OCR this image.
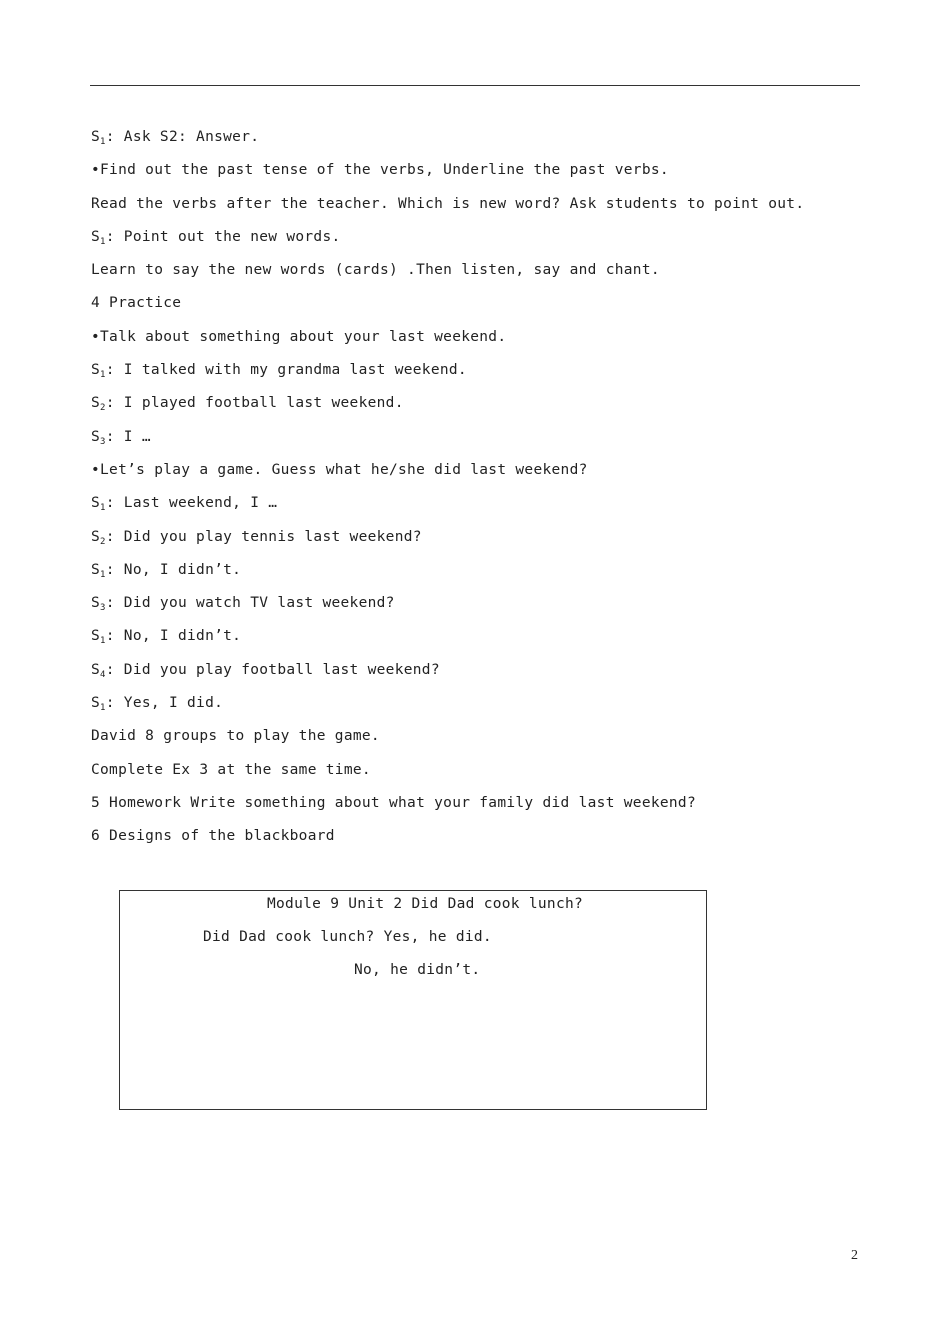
$S_1$: Ask S2: Answer.
•Find out the past tense of the verbs, Underline the past verbs.
Read the verbs after the teacher. Which is new word? Ask students to point out.
$S_1$: Point out the new words.
Learn to say the new words (cards) .Then listen, say and chant.
4 Practice
•Talk about something about your last weekend.
$S_1$: I talked with my grandma last weekend.
$S_2$: I played football last weekend.
$S_3$: I …
•Let’s play a game. Guess what he/she did last weekend?
$S_1$: Last weekend, I …
$S_2$: Did you play tennis last weekend?
$S_1$: No, I didn’t.
$S_3$: Did you watch TV last weekend?
$S_1$: No, I didn’t.
$S_4$: Did you play football last weekend?
$S_1$: Yes, I did.
David 8 groups to play the game.
Complete Ex 3 at the same time.
5 Homework Write something about what your family did last weekend?
6 Designs of the blackboard
Module 9 Unit 2 Did Dad cook lunch?
Did Dad cook lunch? Yes, he did.
No, he didn’t.
2
